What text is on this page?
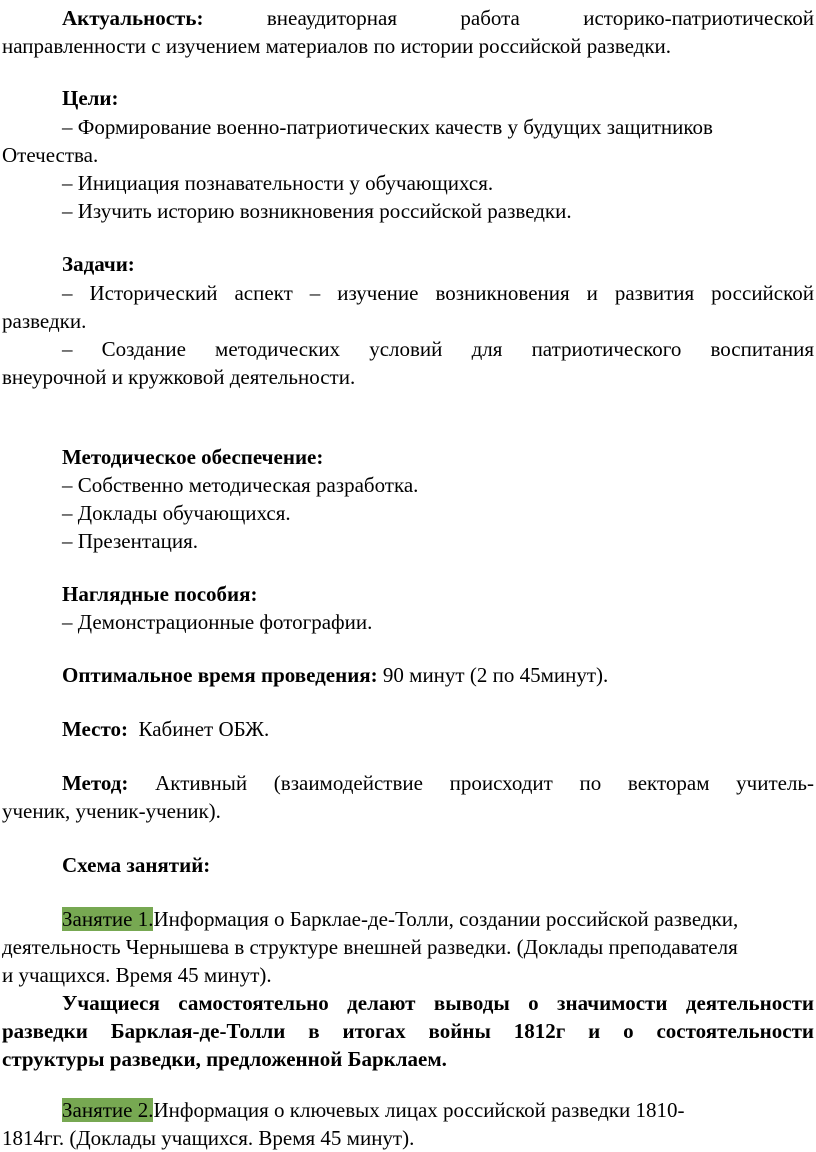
Актуальность:	внеаудиторная работа историко-патриотической

направленности с изучением материалов по истории российской разведки.

Цели:

– Формирование военно-патриотических качеств у будущих защитников

Отечества.

– Инициация познавательности у обучающихся.

– Изучить историю возникновения российской разведки.

Задачи:

– Исторический аспект – изучение возникновения и развития российской

разведки.

– Создание методических условий для патриотического воспитания

внеурочной и кружковой деятельности.

Методическое обеспечение:

– Собственно методическая разработка.

– Доклады обучающихся.

– Презентация.

Наглядные пособия:

– Демонстрационные фотографии.

Оптимальное время проведения: 90 минут (2 по 45минут).

Место:  Кабинет ОБЖ.

Метод: Активный (взаимодействие происходит по векторам учитель-

ученик, ученик-ученик).

Схема занятий:

Занятие 1.Информация о Барклае-де-Толли, создании российской разведки,

деятельность Чернышева в структуре внешней разведки. (Доклады преподавателя

и учащихся. Время 45 минут).

Учащиеся самостоятельно делают выводы о значимости деятельности

разведки Барклая-де-Толли в итогах войны 1812г и о состоятельности

структуры разведки, предложенной Барклаем.

Занятие 2.Информация о ключевых лицах российской разведки 1810-

1814гг. (Доклады учащихся. Время 45 минут).
